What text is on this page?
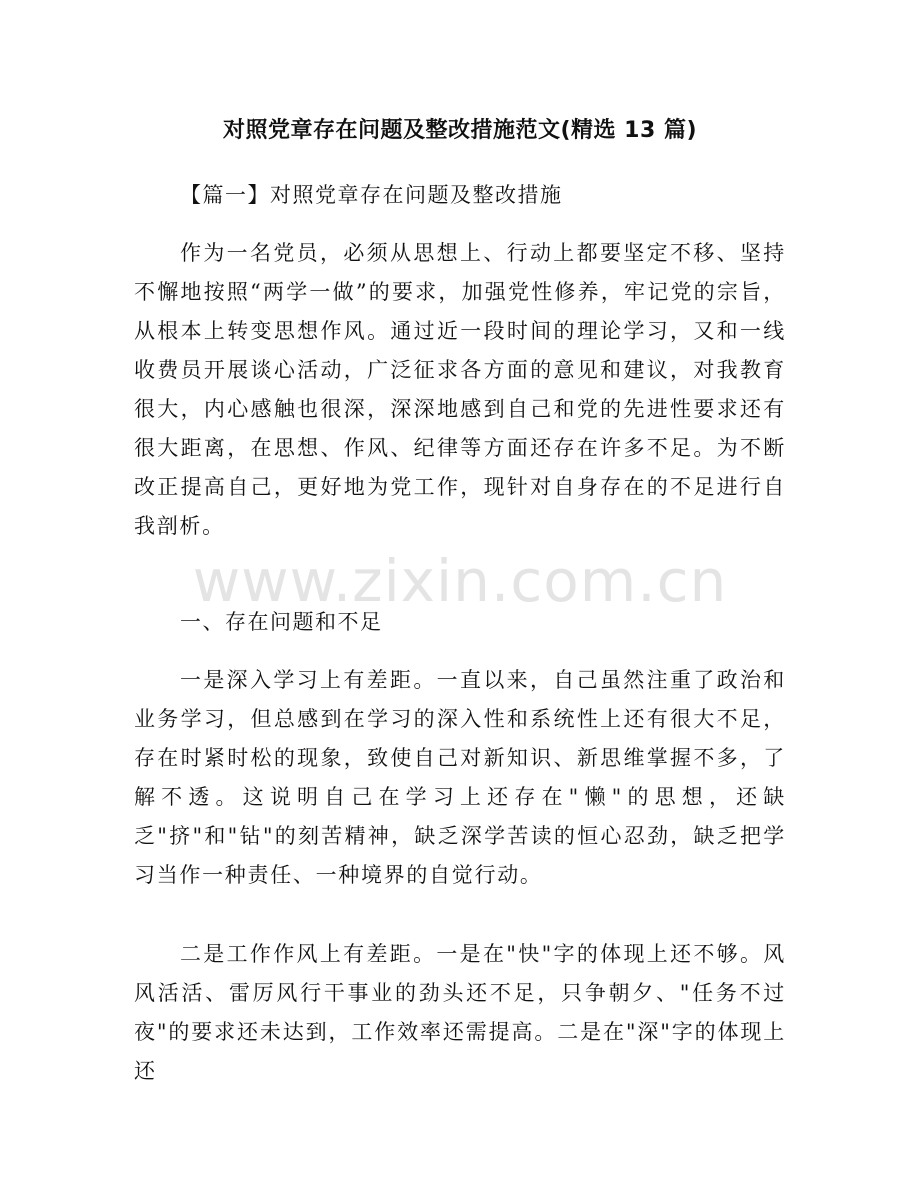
www.zixin.com.cn
对照党章存在问题及整改措施范文(精选 13 篇)
【篇一】对照党章存在问题及整改措施
作为一名党员，必须从思想上、行动上都要坚定不移、坚持不懈地按照“两学一做”的要求，加强党性修养，牢记党的宗旨，从根本上转变思想作风。通过近一段时间的理论学习，又和一线收费员开展谈心活动，广泛征求各方面的意见和建议，对我教育很大，内心感触也很深，深深地感到自己和党的先进性要求还有很大距离，在思想、作风、纪律等方面还存在许多不足。为不断改正提高自己，更好地为党工作，现针对自身存在的不足进行自我剖析。
一、存在问题和不足
一是深入学习上有差距。一直以来，自己虽然注重了政治和业务学习，但总感到在学习的深入性和系统性上还有很大不足，存在时紧时松的现象，致使自己对新知识、新思维掌握不多，了解不透。这说明自己在学习上还存在"懒"的思想，还缺乏"挤"和"钻"的刻苦精神，缺乏深学苦读的恒心忍劲，缺乏把学习当作一种责任、一种境界的自觉行动。
二是工作作风上有差距。一是在"快"字的体现上还不够。风风活活、雷厉风行干事业的劲头还不足，只争朝夕、"任务不过夜"的要求还未达到，工作效率还需提高。二是在"深"字的体现上还
